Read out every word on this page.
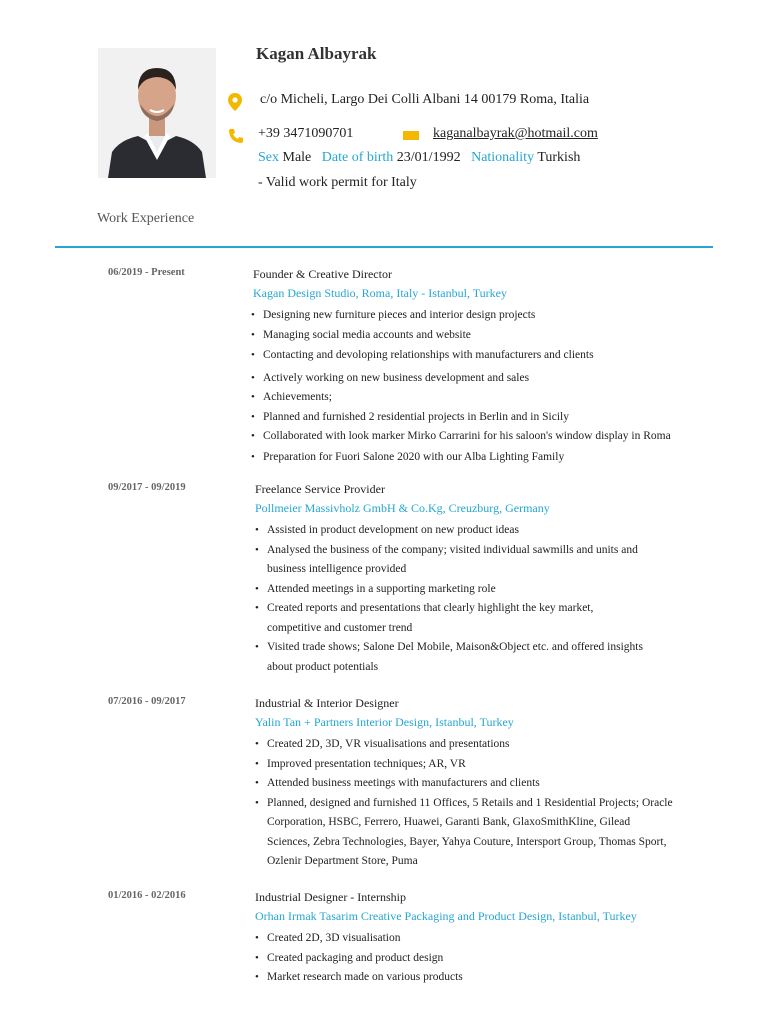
Kagan Albayrak
c/o Micheli, Largo Dei Colli Albani 14 00179 Roma, Italia
+39 3471090701	kaganalbayrak@hotmail.com
Sex Male Date of birth 23/01/1992 Nationality Turkish
- Valid work permit for Italy
Work Experience
06/2019 - Present	Founder & Creative Director
Kagan Design Studio, Roma, Italy - Istanbul, Turkey
• Designing new furniture pieces and interior design projects
• Managing social media accounts and website
• Contacting and devoloping relationships with manufacturers and clients
• Actively working on new business development and sales
• Achievements;
• Planned and furnished 2 residential projects in Berlin and in Sicily
• Collaborated with look marker Mirko Carrarini for his saloon's window display in Roma
• Preparation for Fuori Salone 2020 with our Alba Lighting Family
09/2017 - 09/2019	Freelance Service Provider
Pollmeier Massivholz GmbH & Co.Kg, Creuzburg, Germany
• Assisted in product development on new product ideas
• Analysed the business of the company; visited individual sawmills and units and
business intelligence provided
• Attended meetings in a supporting marketing role
• Created reports and presentations that clearly highlight the key market,
competitive and customer trend
• Visited trade shows; Salone Del Mobile, Maison&Object etc. and offered insights
about product potentials
07/2016 - 09/2017	Industrial & Interior Designer
Yalin Tan + Partners Interior Design, Istanbul, Turkey
• Created 2D, 3D, VR visualisations and presentations
• Improved presentation techniques; AR, VR
• Attended business meetings with manufacturers and clients
• Planned, designed and furnished 11 Offices, 5 Retails and 1 Residential Projects; Oracle
Corporation, HSBC, Ferrero, Huawei, Garanti Bank, GlaxoSmithKline, Gilead
Sciences, Zebra Technologies, Bayer, Yahya Couture, Intersport Group, Thomas Sport,
Ozlenir Department Store, Puma
01/2016 - 02/2016	Industrial Designer - Internship
Orhan Irmak Tasarim Creative Packaging and Product Design, Istanbul, Turkey
• Created 2D, 3D visualisation
• Created packaging and product design
• Market research made on various products
